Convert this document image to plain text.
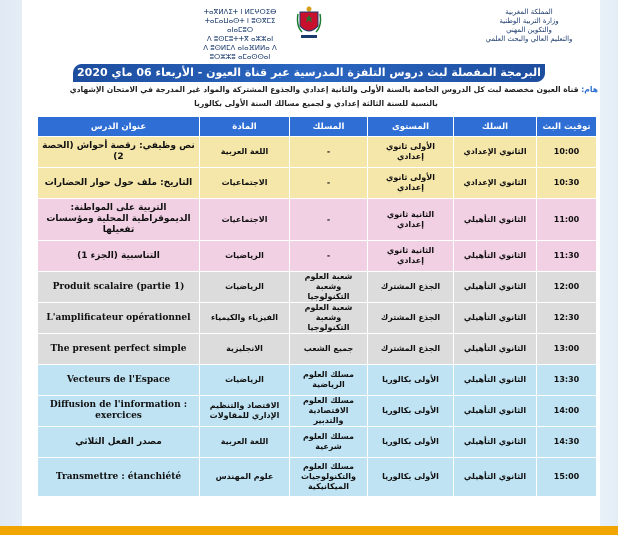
المملكة المغربية
وزارة التربية الوطنية
والتكوين المهني
والتعليم العالي والبحث العلمي
ⵜⴰⴳⵍⴷⵉⵜ ⵏ ⵍⵎⵖⵔⵉⴱ
ⵜⴰⵎⴰⵡⴰⵙⵜ ⵏ ⵓⵙⴳⵎⵉ ⴰⵏⴰⵎⵓⵔ
ⴷ ⵓⵙⵎⵓⵜⵜⴳ ⴰⵣⵣⴰⵏ
ⴷ ⵓⵙⵍⵎⴷ ⴰⵏⴰⴼⵍⵍⴰ ⴷ ⵓⵔⵣⵣⵓ ⴰⵎⴰⵙⵙⴰⵏ
البرمجة المفصلة لبث دروس التلفزة المدرسية عبر قناة العيون - الأربعاء 06 ماي 2020
هام: قناة العيون مخصصة لبث كل الدروس الخاصة بالسنة الأولى والثانية إعدادي والجذوع المشتركة والمواد غير المدرجة في الامتحان الإشهادي
بالنسبة للسنة الثالثة إعدادي و لجميع مسالك السنة الأولى بكالوريا
توقيت البث	السلك	المستوى	المسلك	المادة	عنوان الدرس
10:00	الثانوي الإعدادي	الأولى ثانوي إعدادي	-	اللغة العربية	نص وظيفي: رقصة أحواش (الحصة 2)
10:30	الثانوي الإعدادي	الأولى ثانوي إعدادي	-	الاجتماعيات	التاريخ: ملف حول حوار الحضارات
11:00	الثانوي التأهيلي	الثانية ثانوي إعدادي	-	الاجتماعيات	التربية على المواطنة: الديموقراطية المحلية ومؤسسات تفعيلها
11:30	الثانوي التأهيلي	الثانية ثانوي إعدادي	-	الرياضيات	التناسبية (الجزء 1)
12:00	الثانوي التأهيلي	الجذع المشترك	شعبة العلوم وشعبة التكنولوجيا	الرياضيات	Produit scalaire (partie 1)
12:30	الثانوي التأهيلي	الجذع المشترك	شعبة العلوم وشعبة التكنولوجيا	الفيزياء والكيمياء	L'amplificateur opérationnel
13:00	الثانوي التأهيلي	الجذع المشترك	جميع الشعب	الانجليزية	The present perfect simple
13:30	الثانوي التأهيلي	الأولى بكالوريا	مسلك العلوم الرياضية	الرياضيات	Vecteurs de l'Espace
14:00	الثانوي التأهيلي	الأولى بكالوريا	مسلك العلوم الاقتصادية والتدبير	الاقتصاد والتنظيم الإداري للمقاولات	Diffusion de l'information : exercices
14:30	الثانوي التأهيلي	الأولى بكالوريا	مسلك العلوم شرعية	اللغة العربية	مصدر الفعل الثلاثي
15:00	الثانوي التأهيلي	الأولى بكالوريا	مسلك العلوم والتكنولوجيات الميكانيكية	علوم المهندس	Transmettre : étanchiété
